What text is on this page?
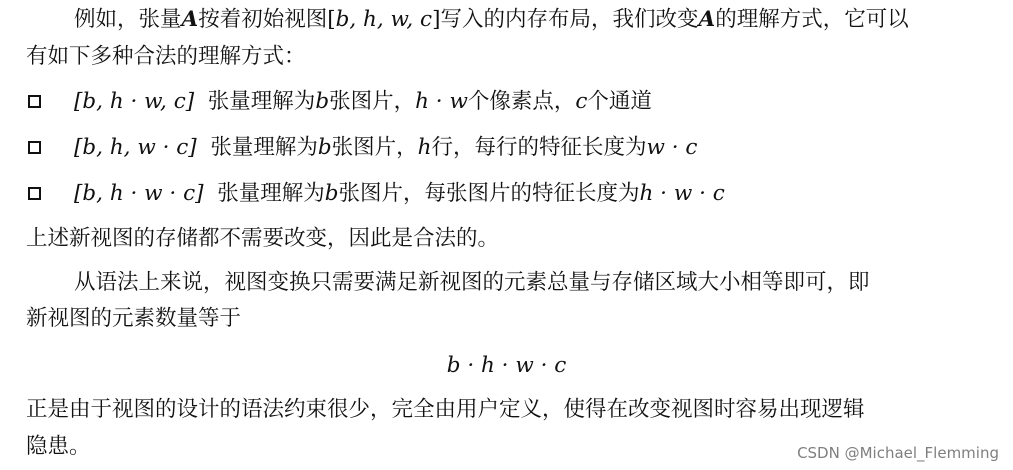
例如，张量A按着初始视图[b, h, w, c]写入的内存布局，我们改变A的理解方式，它可以
有如下多种合法的理解方式：
[b, h · w, c] 张量理解为b张图片，h · w个像素点，c个通道
[b, h, w · c] 张量理解为b张图片，h行，每行的特征长度为w · c
[b, h · w · c] 张量理解为b张图片，每张图片的特征长度为h · w · c
上述新视图的存储都不需要改变，因此是合法的。
从语法上来说，视图变换只需要满足新视图的元素总量与存储区域大小相等即可，即
新视图的元素数量等于
b · h · w · c
正是由于视图的设计的语法约束很少，完全由用户定义，使得在改变视图时容易出现逻辑
隐患。	CSDN @Michael_Flemming
